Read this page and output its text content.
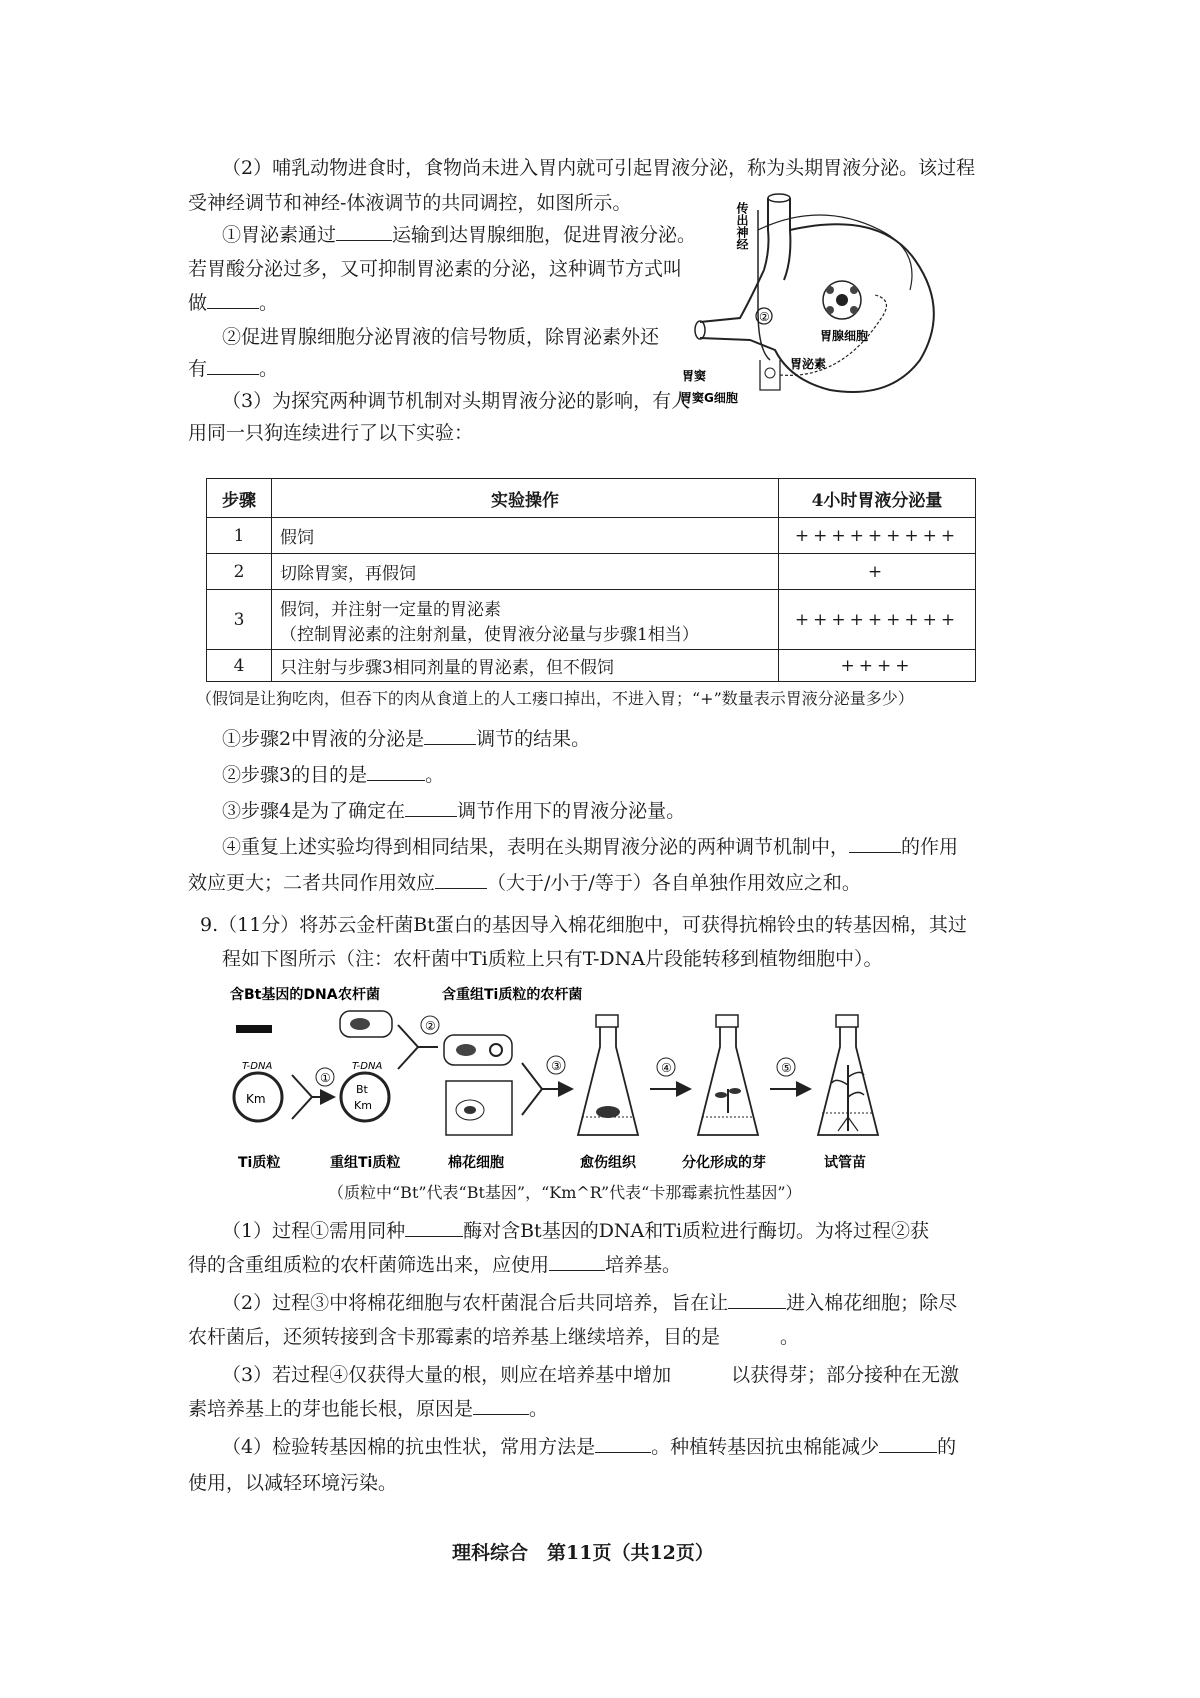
（2）哺乳动物进食时，食物尚未进入胃内就可引起胃液分泌，称为头期胃液分泌。该过程
受神经调节和神经-体液调节的共同调控，如图所示。
①胃泌素通过	运输到达胃腺细胞，促进胃液分泌。
若胃酸分泌过多，又可抑制胃泌素的分泌，这种调节方式叫
做	。
②促进胃腺细胞分泌胃液的信号物质，除胃泌素外还
有	。
（3）为探究两种调节机制对头期胃液分泌的影响，有人
用同一只狗连续进行了以下实验：
②
传出神经
胃腺细胞
胃泌素
胃窦
胃窦G细胞
步骤	实验操作	4小时胃液分泌量
1	假饲	+++++++++
2	切除胃窦，再假饲	+
3	假饲，并注射一定量的胃泌素
（控制胃泌素的注射剂量，使胃液分泌量与步骤1相当）	+++++++++
4	只注射与步骤3相同剂量的胃泌素，但不假饲	++++
（假饲是让狗吃肉，但吞下的肉从食道上的人工瘘口掉出，不进入胃；“+”数量表示胃液分泌量多少）
①步骤2中胃液的分泌是	调节的结果。
②步骤3的目的是	。
③步骤4是为了确定在	调节作用下的胃液分泌量。
④重复上述实验均得到相同结果，表明在头期胃液分泌的两种调节机制中，	的作用
效应更大；二者共同作用效应	（大于/小于/等于）各自单独作用效应之和。
9.（11分）将苏云金杆菌Bt蛋白的基因导入棉花细胞中，可获得抗棉铃虫的转基因棉，其过
程如下图所示（注：农杆菌中Ti质粒上只有T-DNA片段能转移到植物细胞中）。
含Bt基因的DNA
T-DNA
Km
①
T-DNA
Bt
Km
农杆菌
②
含重组Ti质粒的农杆菌
③	④	⑤
Ti质粒	重组Ti质粒	棉花细胞	愈伤组织	分化形成的芽	试管苗
（质粒中“Bt”代表“Bt基因”，“Km^R”代表“卡那霉素抗性基因”）
（1）过程①需用同种	酶对含Bt基因的DNA和Ti质粒进行酶切。为将过程②获
得的含重组质粒的农杆菌筛选出来，应使用	培养基。
（2）过程③中将棉花细胞与农杆菌混合后共同培养，旨在让	进入棉花细胞；除尽
农杆菌后，还须转接到含卡那霉素的培养基上继续培养，目的是	。
（3）若过程④仅获得大量的根，则应在培养基中增加	以获得芽；部分接种在无激
素培养基上的芽也能长根，原因是	。
（4）检验转基因棉的抗虫性状，常用方法是	。种植转基因抗虫棉能减少	的
使用，以减轻环境污染。
理科综合　第11页（共12页）
